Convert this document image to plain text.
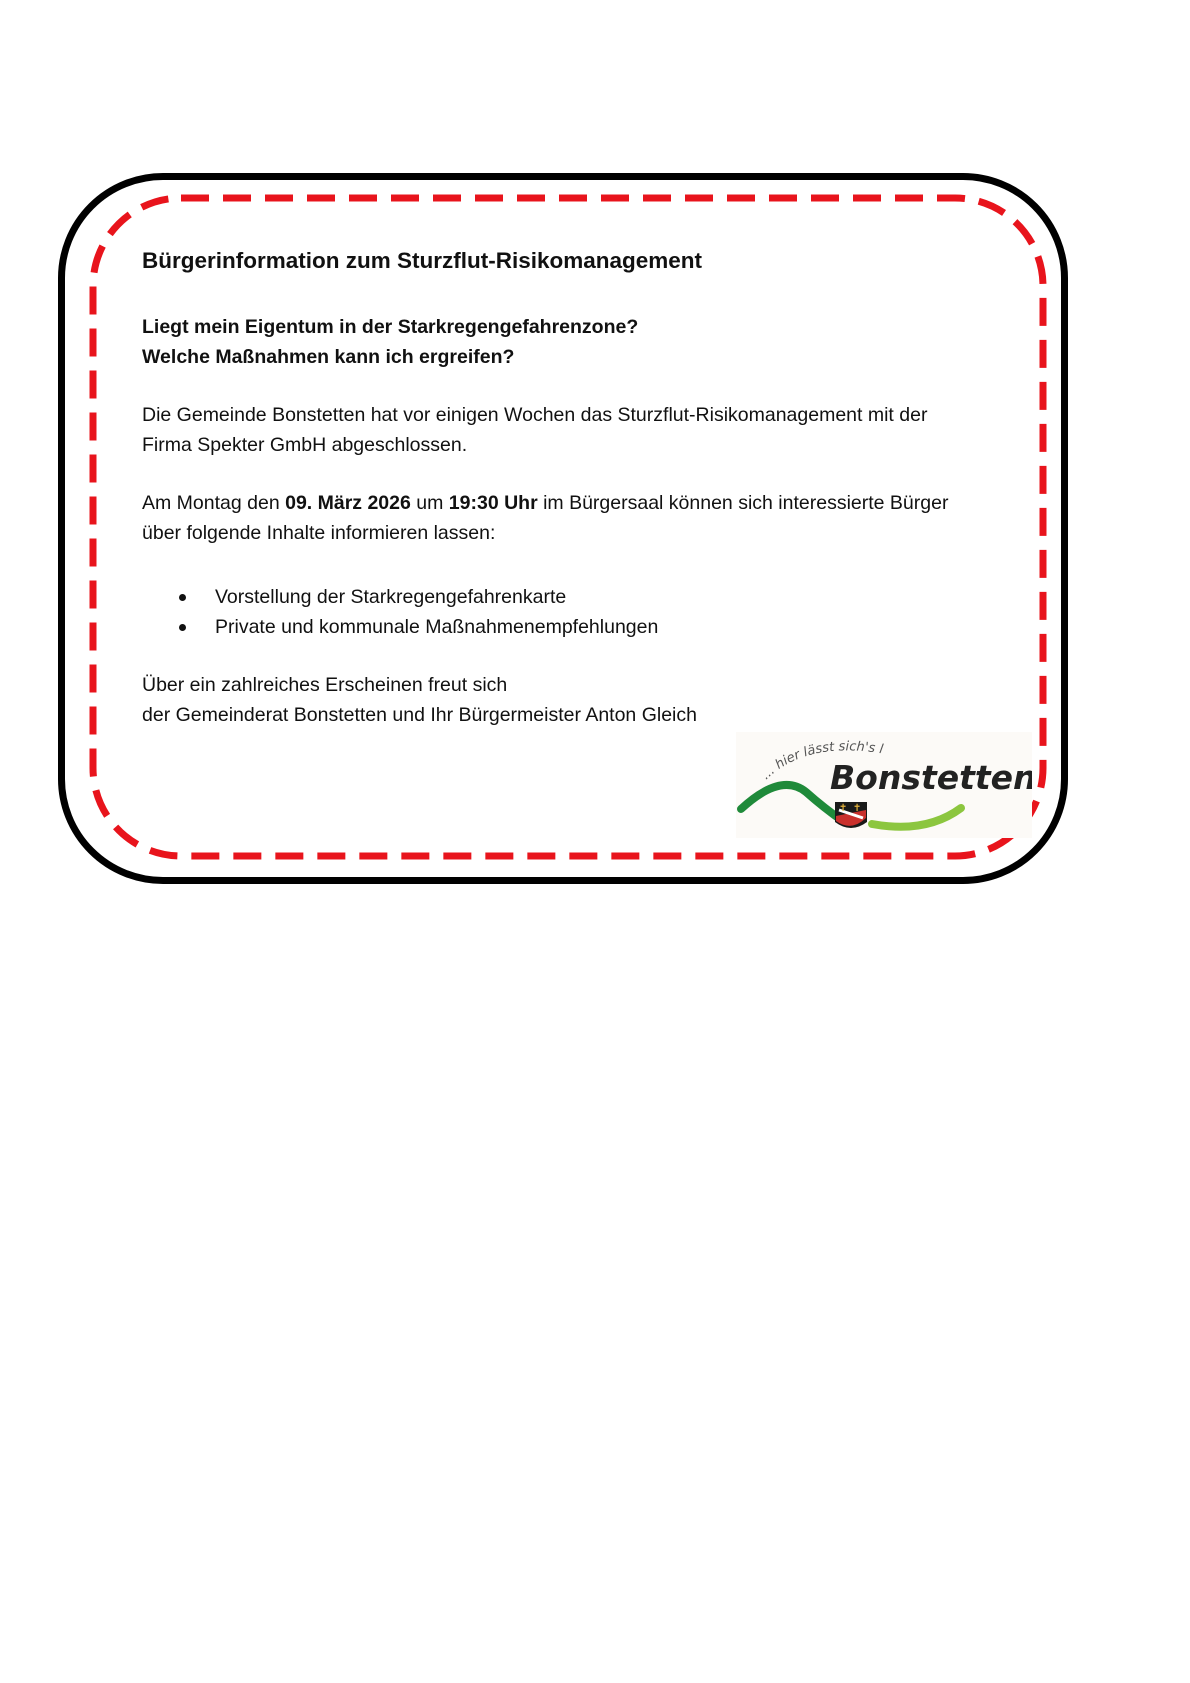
Bürgerinformation zum Sturzflut-Risikomanagement
Liegt mein Eigentum in der Starkregengefahrenzone?
Welche Maßnahmen kann ich ergreifen?
Die Gemeinde Bonstetten hat vor einigen Wochen das Sturzflut-Risikomanagement mit der
Firma Spekter GmbH abgeschlossen.
Am Montag den 09. März 2026 um 19:30 Uhr im Bürgersaal können sich interessierte Bürger
über folgende Inhalte informieren lassen:
Vorstellung der Starkregengefahrenkarte
Private und kommunale Maßnahmenempfehlungen
Über ein zahlreiches Erscheinen freut sich
der Gemeinderat Bonstetten und Ihr Bürgermeister Anton Gleich
... hier lässt sich's l
Bonstetten
✝ ✝
